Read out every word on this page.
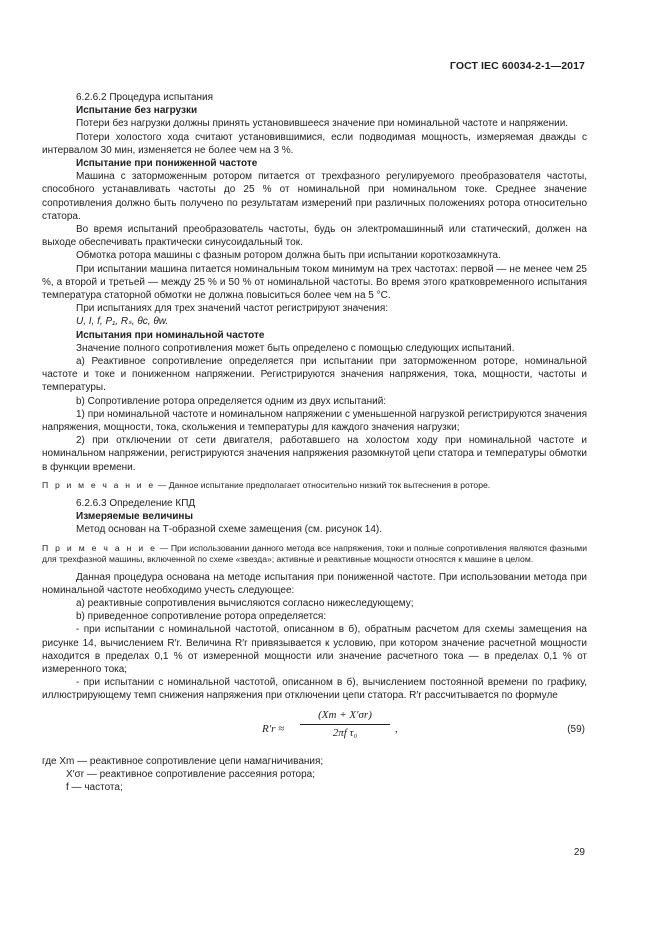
ГОСТ IEC 60034-2-1—2017

6.2.6.2 Процедура испытания

Испытание без нагрузки

Потери без нагрузки должны принять установившееся значение при номинальной частоте и напряжении.

Потери холостого хода считают установившимися, если подводимая мощность, измеряемая дважды с интервалом 30 мин, изменяется не более чем на 3 %.

Испытание при пониженной частоте

Машина с заторможенным ротором питается от трехфазного регулируемого преобразователя частоты, способного устанавливать частоты до 25 % от номинальной при номинальном токе. Среднее значение сопротивления должно быть получено по результатам измерений при различных положениях ротора относительно статора.

Во время испытаний преобразователь частоты, будь он электромашинный или статический, должен на выходе обеспечивать практически синусоидальный ток.

Обмотка ротора машины с фазным ротором должна быть при испытании короткозамкнута.

При испытании машина питается номинальным током минимум на трех частотах: первой — не менее чем 25 %, а второй и третьей — между 25 % и 50 % от номинальной частоты. Во время этого кратковременного испытания температура статорной обмотки не должна повыситься более чем на 5 °C.

При испытаниях для трех значений частот регистрируют значения:

U, I, f, P₁, Rₛ, θc, θw.

Испытания при номинальной частоте

Значение полного сопротивления может быть определено с помощью следующих испытаний.

a) Реактивное сопротивление определяется при испытании при заторможенном роторе, номинальной частоте и токе и пониженном напряжении. Регистрируются значения напряжения, тока, мощности, частоты и температуры.

b) Сопротивление ротора определяется одним из двух испытаний:

1) при номинальной частоте и номинальном напряжении с уменьшенной нагрузкой регистрируются значения напряжения, мощности, тока, скольжения и температуры для каждого значения нагрузки;

2) при отключении от сети двигателя, работавшего на холостом ходу при номинальной частоте и номинальном напряжении, регистрируются значения напряжения разомкнутой цепи статора и температуры обмотки в функции времени.

П р и м е ч а н и е — Данное испытание предполагает относительно низкий ток вытеснения в роторе.

6.2.6.3 Определение КПД

Измеряемые величины

Метод основан на Т-образной схеме замещения (см. рисунок 14).

П р и м е ч а н и е — При использовании данного метода все напряжения, токи и полные сопротивления являются фазными для трехфазной машины, включенной по схеме «звезда»; активные и реактивные мощности относятся к машине в целом.

Данная процедура основана на методе испытания при пониженной частоте. При использовании метода при номинальной частоте необходимо учесть следующее:

a) реактивные сопротивления вычисляются согласно нижеследующему;

b) приведенное сопротивление ротора определяется:

- при испытании с номинальной частотой, описанном в б), обратным расчетом для схемы замещения на рисунке 14, вычислением R′r. Величина R′r привязывается к условию, при котором значение расчетной мощности находится в пределах 0,1 % от измеренной мощности или значение расчетного тока — в пределах 0,1 % от измеренного тока;

- при испытании с номинальной частотой, описанном в б), вычислением постоянной времени по графику, иллюстрирующему темп снижения напряжения при отключении цепи статора. R′r рассчитывается по формуле

$R'r \approx \frac{(Xm + X'\sigma r)}{\text{2πf τ₀}}$ ,	(59)

где Xm — реактивное сопротивление цепи намагничивания;

X′σr — реактивное сопротивление рассеяния ротора;

f — частота;

29
